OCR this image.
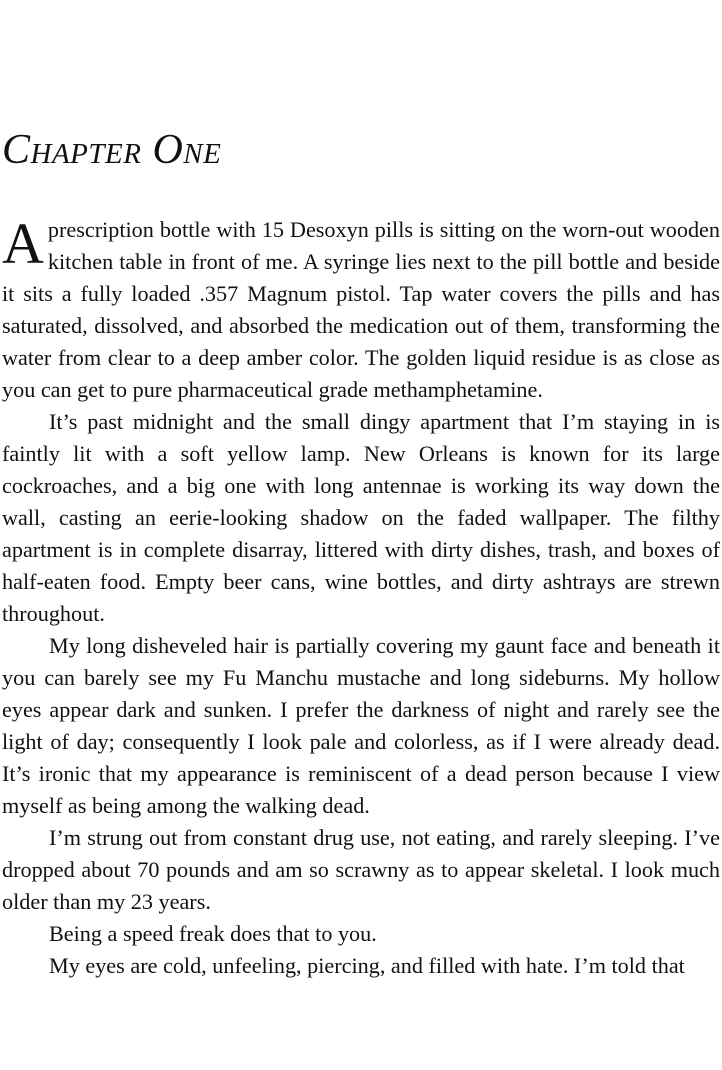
Chapter One

Aprescription bottle with 15 Desoxyn pills is sitting on the worn-out wooden kitchen table in front of me. A syringe lies next to the pill bottle and beside it sits a fully loaded .357 Magnum pistol. Tap water covers the pills and has saturated, dissolved, and absorbed the medication out of them, transforming the water from clear to a deep amber color. The golden liquid residue is as close as you can get to pure pharmaceutical grade methamphetamine.

It’s past midnight and the small dingy apartment that I’m staying in is faintly lit with a soft yellow lamp. New Orleans is known for its large cockroaches, and a big one with long antennae is working its way down the wall, casting an eerie-looking shadow on the faded wallpaper. The filthy apartment is in complete disarray, littered with dirty dishes, trash, and boxes of half-eaten food. Empty beer cans, wine bottles, and dirty ashtrays are strewn throughout.

My long disheveled hair is partially covering my gaunt face and beneath it you can barely see my Fu Manchu mustache and long sideburns. My hollow eyes appear dark and sunken. I prefer the darkness of night and rarely see the light of day; consequently I look pale and colorless, as if I were already dead. It’s ironic that my appearance is reminiscent of a dead person because I view myself as being among the walking dead.

I’m strung out from constant drug use, not eating, and rarely sleeping. I’ve dropped about 70 pounds and am so scrawny as to appear skeletal. I look much older than my 23 years.

Being a speed freak does that to you.

My eyes are cold, unfeeling, piercing, and filled with hate. I’m told that
